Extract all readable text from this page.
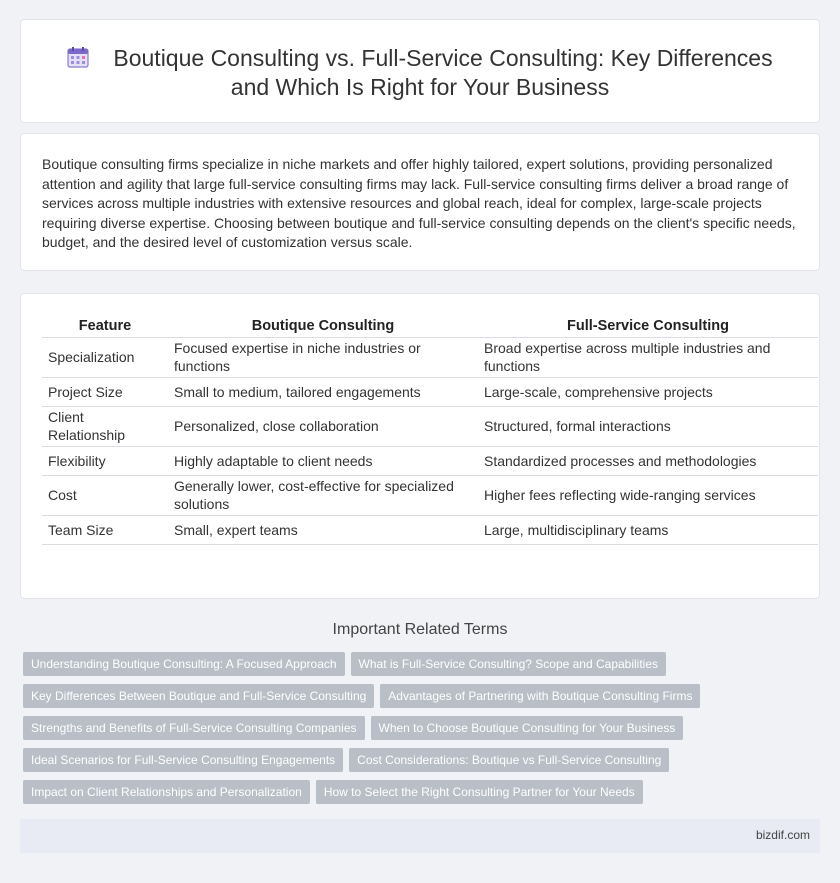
Boutique Consulting vs. Full-Service Consulting: Key Differences and Which Is Right for Your Business

Boutique consulting firms specialize in niche markets and offer highly tailored, expert solutions, providing personalized attention and agility that large full-service consulting firms may lack. Full-service consulting firms deliver a broad range of services across multiple industries with extensive resources and global reach, ideal for complex, large-scale projects requiring diverse expertise. Choosing between boutique and full-service consulting depends on the client's specific needs, budget, and the desired level of customization versus scale.

Feature	Boutique Consulting	Full-Service Consulting
Specialization	Focused expertise in niche industries or functions	Broad expertise across multiple industries and functions
Project Size	Small to medium, tailored engagements	Large-scale, comprehensive projects
Client Relationship	Personalized, close collaboration	Structured, formal interactions
Flexibility	Highly adaptable to client needs	Standardized processes and methodologies
Cost	Generally lower, cost-effective for specialized solutions	Higher fees reflecting wide-ranging services
Team Size	Small, expert teams	Large, multidisciplinary teams
Important Related Terms
Understanding Boutique Consulting: A Focused Approach	What is Full-Service Consulting? Scope and Capabilities
Key Differences Between Boutique and Full-Service Consulting	Advantages of Partnering with Boutique Consulting Firms
Strengths and Benefits of Full-Service Consulting Companies	When to Choose Boutique Consulting for Your Business
Ideal Scenarios for Full-Service Consulting Engagements	Cost Considerations: Boutique vs Full-Service Consulting
Impact on Client Relationships and Personalization	How to Select the Right Consulting Partner for Your Needs
bizdif.com
